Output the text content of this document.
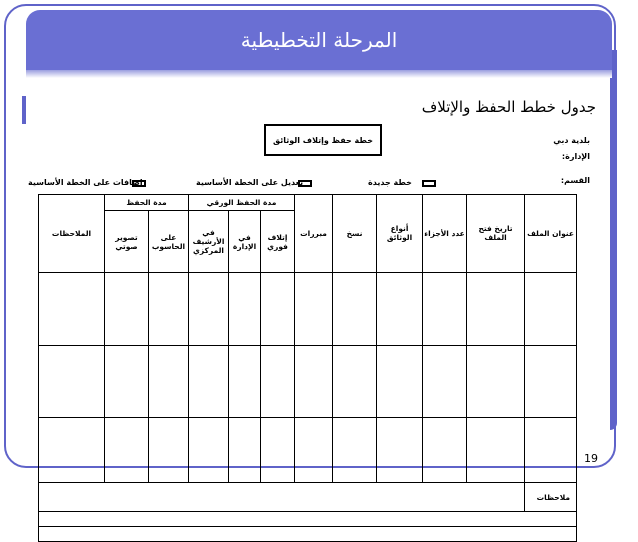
المرحلة التخطيطية
جدول خطط الحفظ والإتلاف
خطة حفظ وإتلاف الوثائق	بلدية دبي
الإدارة:
القسم:
خطة جديدة
تعديل على الخطة الأساسية
إضافات على الخطة الأساسية
عنوان الملف	تاريخ فتح الملف	عدد الأجزاء	أنواع الوثائق	نسخ	مبررات	مدة الحفظ الورقي			مدة الحفظ		الملاحظات
						إتلاف فوري	في الإدارة	في الأرشيف المركزي	على الحاسوب	تصوير صوتي	

ملاحظات											

19
